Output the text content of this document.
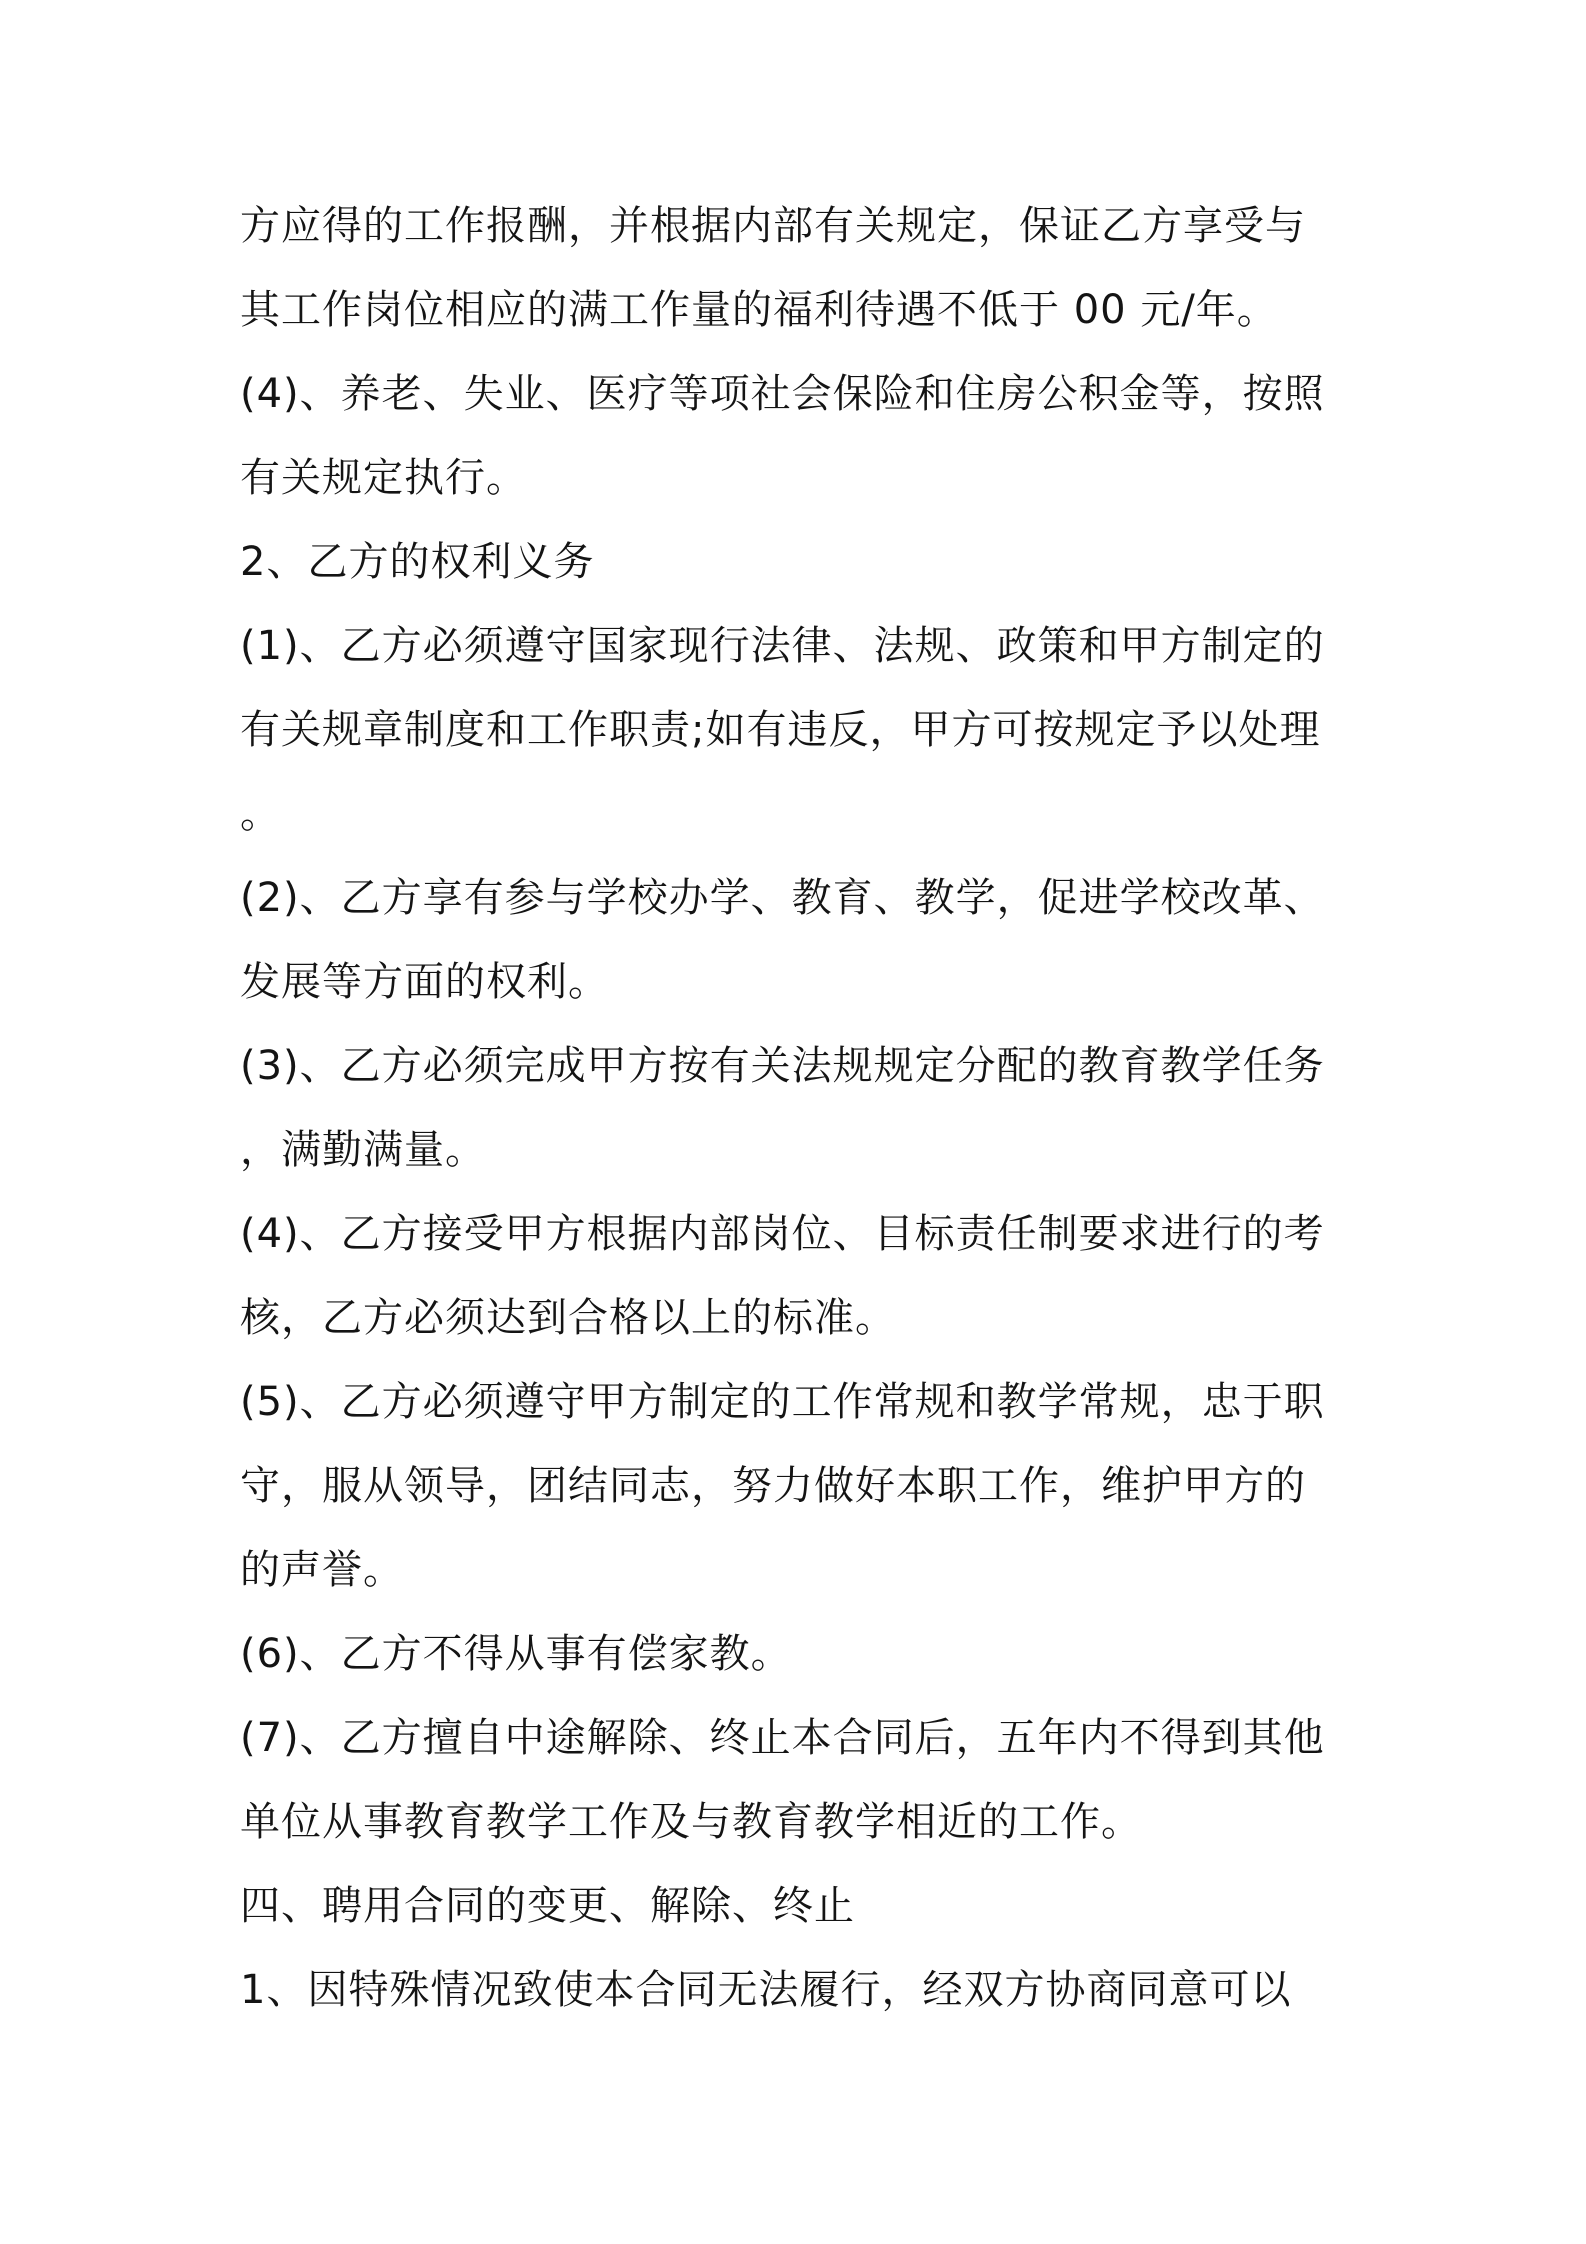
方应得的工作报酬，并根据内部有关规定，保证乙方享受与
其工作岗位相应的满工作量的福利待遇不低于 00 元/年。
(4)、养老、失业、医疗等项社会保险和住房公积金等，按照
有关规定执行。
2、乙方的权利义务
(1)、乙方必须遵守国家现行法律、法规、政策和甲方制定的
有关规章制度和工作职责;如有违反，甲方可按规定予以处理
。
(2)、乙方享有参与学校办学、教育、教学，促进学校改革、
发展等方面的权利。
(3)、乙方必须完成甲方按有关法规规定分配的教育教学任务
，满勤满量。
(4)、乙方接受甲方根据内部岗位、目标责任制要求进行的考
核，乙方必须达到合格以上的标准。
(5)、乙方必须遵守甲方制定的工作常规和教学常规，忠于职
守，服从领导，团结同志，努力做好本职工作，维护甲方的
的声誉。
(6)、乙方不得从事有偿家教。
(7)、乙方擅自中途解除、终止本合同后，五年内不得到其他
单位从事教育教学工作及与教育教学相近的工作。
四、聘用合同的变更、解除、终止
1、因特殊情况致使本合同无法履行，经双方协商同意可以
